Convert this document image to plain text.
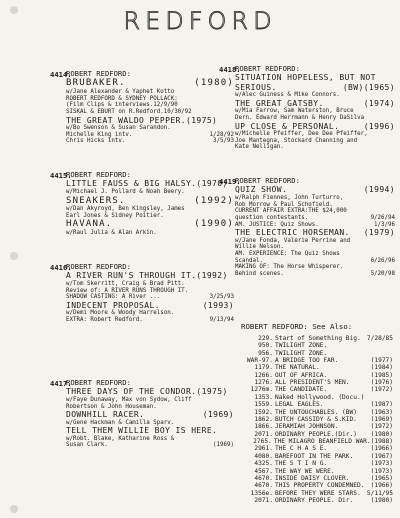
REDFORD
4414.
ROBERT REDFORD:
BRUBAKER.	(1980)
w/Jane Alexander & Yaphet Kotto
ROBERT REDFORD & SYDNEY POLLACK:
(Film Clips & interviews.12/9/90
SISKAL & EBURT on R.Redford.10/30/92
THE GREAT WALDO PEPPER.(1975)
w/Bo Swenson & Susan Sarandon.
Michelle King intv.	1/28/92
Chris Hicks intv.	3/5/93
4418.
ROBERT REDFORD:
SITUATION HOPELESS, BUT NOT
SERIOUS.	(BW)(1965)
w/Alec Guiness & Mike Connors.
THE GREAT GATSBY.	(1974)
w/Mia Farrow, Sam Waterston, Bruce
Dern. Edward Herrmann & Henry DaSilva
UP CLOSE & PERSONAL.	(1996)
w/Michelle Pfeiffer, Dee Dee Pfeiffer,
Joe Mantegna, Stockard Channing and
Kate Nelligan.
4415.
ROBERT REDFORD:
LITTLE FAUSS & BIG HALSY.(1970)
w/Michael J. Pollard & Noah Beery.
SNEAKERS.	(1992)
w/Dan Akyroyd, Ben Kingsley, James
Earl Jones & Sidney Poitier.
HAVANA.	(1990)
w/Raul Julia & Alan Arkin.
4419.
ROBERT REDFORD:
QUIZ SHOW.	(1994)
w/Ralph Fiennes, John Turturro,
Rob Morrow & Paul Schofield.
CURRENT AFFAIR EXTRA:THE $24,000
question contestants.	9/26/94
AM. JUSTICE: Quiz Shows.	1/3/96
THE ELECTRIC HORSEMAN.	(1979)
w/Jane Fonda, Valerie Perrine and
Willie Nelson.
AM. EXPERIENCE: The Quiz Shows
Scandal.	6/26/96
MAKING OF: The Horse Whisperer.
Behind scenes.	5/20/98
4416.
ROBERT REDFORD:
A RIVER RUN'S THROUGH IT.(1992)
w/Tom Skerritt, Craig & Brad Pitt.
Review of: A RIVER RUNS THROUGH IT.
SHADOW CASTING: A River ...	3/25/93
INDECENT PROPOSAL.	(1993)
w/Demi Moore & Woody Harrelson.
EXTRA: Robert Redford.	9/13/94
4417.
ROBERT REDFORD:
THREE DAYS OF THE CONDOR.(1975)
w/Faye Dunaway, Max von Sydow, Cliff
Robertson & John Houseman.
DOWNHILL RACER.	(1969)
w/Gene Hackman & Camilla Sparv.
TELL THEM WILLIE BOY IS HERE.
w/Robt. Blake, Katharine Ross &
Susan Clark.	(1969)
ROBERT REDFORD: See Also:
229. Start of Something Big.	7/28/85
950. TWILIGHT ZONE.
956. TWILIGHT ZONE.
WAR-97. A BRIDGE TOO FAR.	(1977)
1179. THE NATURAL.	(1984)
1266. OUT OF AFRICA.	(1985)
1276. ALL PRESIDENT'S MEN.	(1976)
1276m. THE CANDIDATE.	(1972)
1353. Naked Hollywood. (Docu.)
1559. LEGAL EAGLES.	(1987)
1592. THE UNTOUCHABLES. (BW)	(1963)
1862. BUTCH CASSIDY & S.KID.	(1969)
1866. JERAMIAH JOHNSON.	(1972)
2071. ORDINARY PEOPLE.(Dir.)	(1980)
2765. THE MILAGRO BEANFIELD WAR. (1988)
2961. THE C H A S E.	(1966)
4080. BAREFOOT IN THE PARK.	(1967)
4325. THE S T I N G.	(1973)
4567. THE WAY WE WERE.	(1973)
4670. INSIDE DAISY CLOVER.	(1965)
4670. THIS PROPERTY CONDEMNED.	(1966)
1356e. BEFORE THEY WERE STARS.	5/11/95
2071. ORDINARY PEOPLE. Dir.	(1980)
